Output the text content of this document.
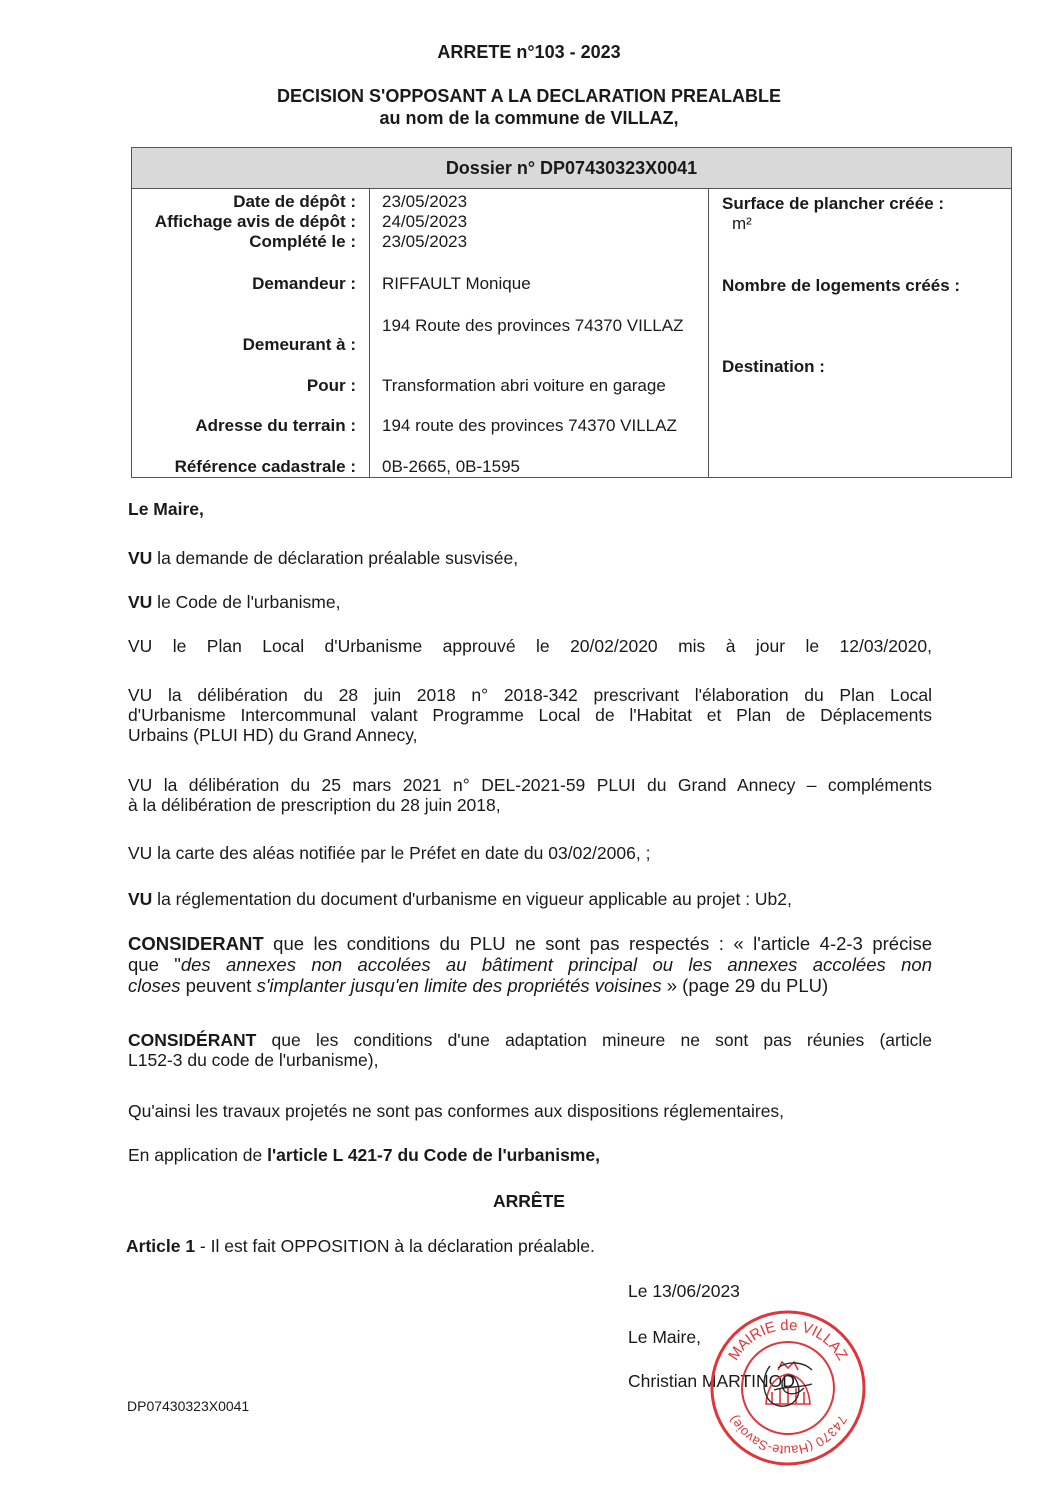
ARRETE n°103 - 2023
DECISION S'OPPOSANT A LA DECLARATION PREALABLE
au nom de la commune de VILLAZ,
Dossier n° DP07430323X0041
Date de dépôt :
Affichage avis de dépôt :
Complété le :
Demandeur :
Demeurant à :
Pour :
Adresse du terrain :
Référence cadastrale :
23/05/2023
24/05/2023
23/05/2023
RIFFAULT Monique
194 Route des provinces 74370 VILLAZ
Transformation abri voiture en garage
194 route des provinces 74370 VILLAZ
0B-2665, 0B-1595
Surface de plancher créée :
m²
Nombre de logements créés :
Destination :
Le Maire,
VU la demande de déclaration préalable susvisée,
VU le Code de l'urbanisme,
VU le Plan Local d'Urbanisme approuvé le 20/02/2020 mis à jour le 12/03/2020,
VU la délibération du 28 juin 2018 n° 2018-342 prescrivant l'élaboration du Plan Local
d'Urbanisme Intercommunal valant Programme Local de l'Habitat et Plan de Déplacements
Urbains (PLUI HD) du Grand Annecy,
VU la délibération du 25 mars 2021 n° DEL-2021-59 PLUI du Grand Annecy – compléments
à la délibération de prescription du 28 juin 2018,
VU la carte des aléas notifiée par le Préfet en date du 03/02/2006, ;
VU la réglementation du document d'urbanisme en vigueur applicable au projet : Ub2,
CONSIDERANT que les conditions du PLU ne sont pas respectés : « l'article 4-2-3 précise
que "des annexes non accolées au bâtiment principal ou les annexes accolées non
closes peuvent s'implanter jusqu'en limite des propriétés voisines » (page 29 du PLU)
CONSIDÉRANT que les conditions d'une adaptation mineure ne sont pas réunies (article
L152-3 du code de l'urbanisme),
Qu'ainsi les travaux projetés ne sont pas conformes aux dispositions réglementaires,
En application de l'article L 421-7 du Code de l'urbanisme,
ARRÊTE
Article 1 - Il est fait OPPOSITION à la déclaration préalable.
Le 13/06/2023
Le Maire,
Christian MARTINOD
MAIRIE de VILLAZ
74370 (Haute-Savoie)
DP07430323X0041
